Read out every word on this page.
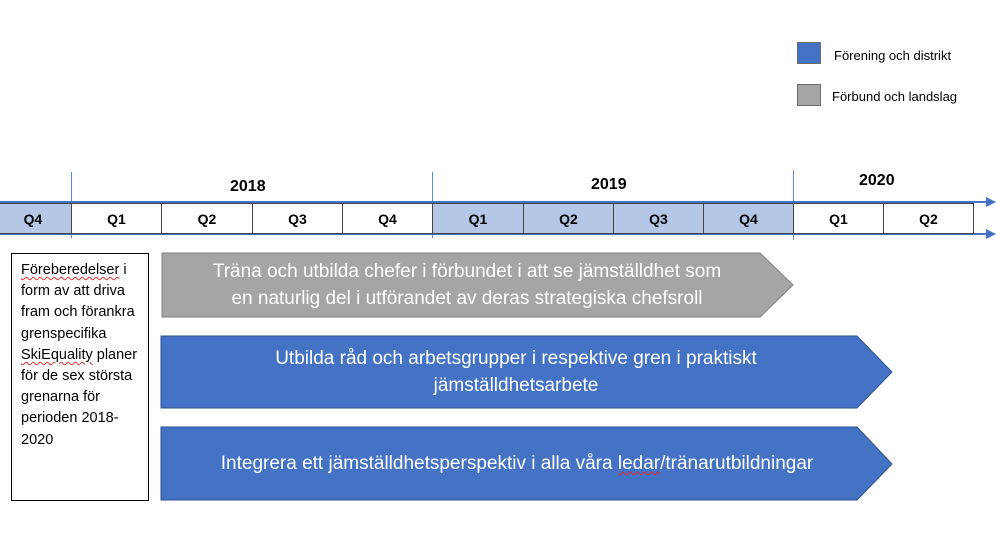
Förening och distrikt
Förbund och landslag
2018	2019	2020
Q4	Q1	Q2	Q3	Q4	Q1	Q2	Q3	Q4	Q1	Q2
Föreberedelser i form av att driva fram och förankra grenspecifika SkiEquality planer för de sex största grenarna för perioden 2018-2020
Träna och utbilda chefer i förbundet i att se jämställdhet som
en naturlig del i utförandet av deras strategiska chefsroll
Utbilda råd och arbetsgrupper i respektive gren i praktiskt
jämställdhetsarbete
Integrera ett jämställdhetsperspektiv i alla våra ledar/tränarutbildningar
